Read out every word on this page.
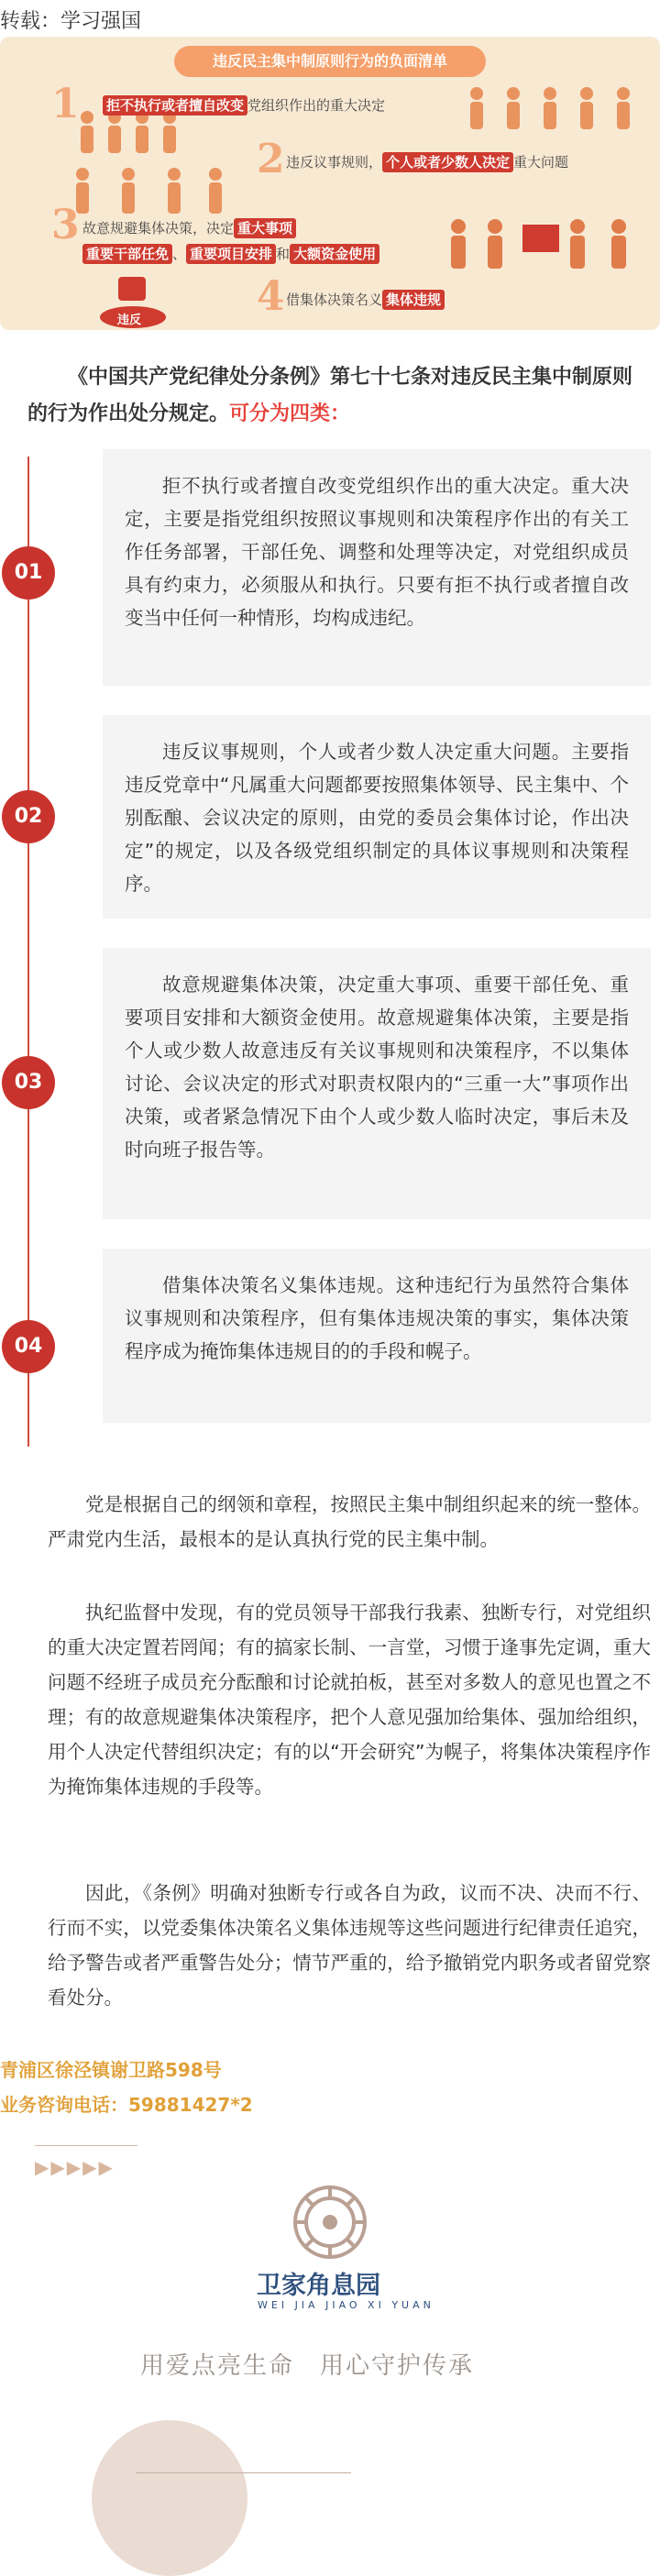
转载：学习强国
违反民主集中制原则行为的负面清单
违反
1 拒不执行或者擅自改变 党组织作出的重大决定
2 违反议事规则， 个人或者少数人决定 重大问题
3 故意规避集体决策，决定 重大事项
重要干部任免 、 重要项目安排 和 大额资金使用
4 借集体决策名义 集体违规
《中国共产党纪律处分条例》第七十七条对违反民主集中制原则的行为作出处分规定。可分为四类：

拒不执行或者擅自改变党组织作出的重大决定。重大决定，主要是指党组织按照议事规则和决策程序作出的有关工作任务部署，干部任免、调整和处理等决定，对党组织成员具有约束力，必须服从和执行。只要有拒不执行或者擅自改变当中任何一种情形，均构成违纪。

01

违反议事规则，个人或者少数人决定重大问题。主要指违反党章中“凡属重大问题都要按照集体领导、民主集中、个别酝酿、会议决定的原则，由党的委员会集体讨论，作出决定”的规定，以及各级党组织制定的具体议事规则和决策程序。

02

故意规避集体决策，决定重大事项、重要干部任免、重要项目安排和大额资金使用。故意规避集体决策，主要是指个人或少数人故意违反有关议事规则和决策程序，不以集体讨论、会议决定的形式对职责权限内的“三重一大”事项作出决策，或者紧急情况下由个人或少数人临时决定，事后未及时向班子报告等。

03

借集体决策名义集体违规。这种违纪行为虽然符合集体议事规则和决策程序，但有集体违规决策的事实，集体决策程序成为掩饰集体违规目的的手段和幌子。

04

党是根据自己的纲领和章程，按照民主集中制组织起来的统一整体。严肃党内生活，最根本的是认真执行党的民主集中制。

执纪监督中发现，有的党员领导干部我行我素、独断专行，对党组织的重大决定置若罔闻；有的搞家长制、一言堂，习惯于逢事先定调，重大问题不经班子成员充分酝酿和讨论就拍板，甚至对多数人的意见也置之不理；有的故意规避集体决策程序，把个人意见强加给集体、强加给组织，用个人决定代替组织决定；有的以“开会研究”为幌子，将集体决策程序作为掩饰集体违规的手段等。

因此，《条例》明确对独断专行或各自为政，议而不决、决而不行、行而不实，以党委集体决策名义集体违规等这些问题进行纪律责任追究，给予警告或者严重警告处分；情节严重的，给予撤销党内职务或者留党察看处分。

青浦区徐泾镇谢卫路598号
业务咨询电话：59881427*2
▶▶▶▶▶
卫家角息园
WEI JIA JIAO XI YUAN
用爱点亮生命　用心守护传承
